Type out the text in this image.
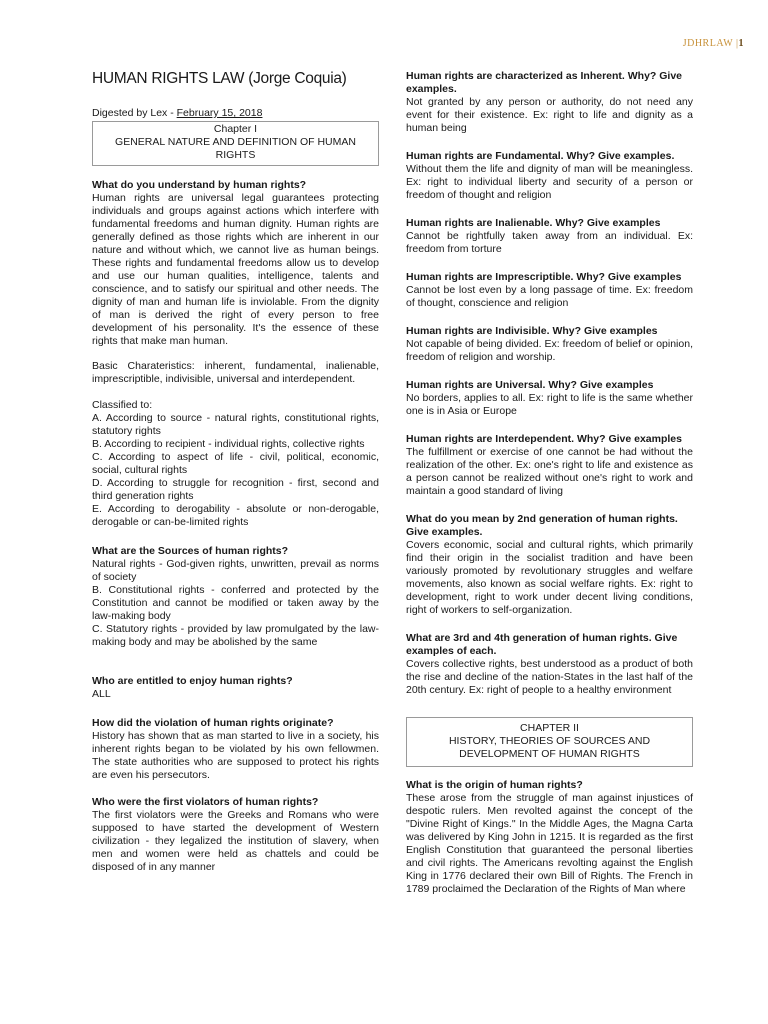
JDHRLAW |1
HUMAN RIGHTS LAW (Jorge Coquia)
Digested by Lex - February 15, 2018
Chapter I
GENERAL NATURE AND DEFINITION OF HUMAN RIGHTS
What do you understand by human rights?
Human rights are universal legal guarantees protecting individuals and groups against actions which interfere with fundamental freedoms and human dignity. Human rights are generally defined as those rights which are inherent in our nature and without which, we cannot live as human beings. These rights and fundamental freedoms allow us to develop and use our human qualities, intelligence, talents and conscience, and to satisfy our spiritual and other needs. The dignity of man and human life is inviolable. From the dignity of man is derived the right of every person to free development of his personality. It's the essence of these rights that make man human.
Basic Charateristics: inherent, fundamental, inalienable, imprescriptible, indivisible, universal and interdependent.
Classified to:
A. According to source - natural rights, constitutional rights, statutory rights
B. According to recipient - individual rights, collective rights
C. According to aspect of life - civil, political, economic, social, cultural rights
D. According to struggle for recognition - first, second and third generation rights
E. According to derogability - absolute or non-derogable, derogable or can-be-limited rights
What are the Sources of human rights?
Natural rights - God-given rights, unwritten, prevail as norms of society
B. Constitutional rights - conferred and protected by the Constitution and cannot be modified or taken away by the law-making body
C. Statutory rights - provided by law promulgated by the law-making body and may be abolished by the same
Who are entitled to enjoy human rights?
ALL
How did the violation of human rights originate?
History has shown that as man started to live in a society, his inherent rights began to be violated by his own fellowmen. The state authorities who are supposed to protect his rights are even his persecutors.
Who were the first violators of human rights?
The first violators were the Greeks and Romans who were supposed to have started the development of Western civilization - they legalized the institution of slavery, when men and women were held as chattels and could be disposed of in any manner
Human rights are characterized as Inherent. Why? Give examples.
Not granted by any person or authority, do not need any event for their existence. Ex: right to life and dignity as a human being
Human rights are Fundamental. Why? Give examples.
Without them the life and dignity of man will be meaningless. Ex: right to individual liberty and security of a person or freedom of thought and religion
Human rights are Inalienable. Why? Give examples
Cannot be rightfully taken away from an individual. Ex: freedom from torture
Human rights are Imprescriptible. Why? Give examples
Cannot be lost even by a long passage of time. Ex: freedom of thought, conscience and religion
Human rights are Indivisible. Why? Give examples
Not capable of being divided. Ex: freedom of belief or opinion, freedom of religion and worship.
Human rights are Universal. Why? Give examples
No borders, applies to all. Ex: right to life is the same whether one is in Asia or Europe
Human rights are Interdependent. Why? Give examples
The fulfillment or exercise of one cannot be had without the realization of the other. Ex: one's right to life and existence as a person cannot be realized without one's right to work and maintain a good standard of living
What do you mean by 2nd generation of human rights. Give examples.
Covers economic, social and cultural rights, which primarily find their origin in the socialist tradition and have been variously promoted by revolutionary struggles and welfare movements, also known as social welfare rights. Ex: right to development, right to work under decent living conditions, right of workers to self-organization.
What are 3rd and 4th generation of human rights. Give examples of each.
Covers collective rights, best understood as a product of both the rise and decline of the nation-States in the last half of the 20th century. Ex: right of people to a healthy environment
CHAPTER II
HISTORY, THEORIES OF SOURCES AND DEVELOPMENT OF HUMAN RIGHTS
What is the origin of human rights?
These arose from the struggle of man against injustices of despotic rulers. Men revolted against the concept of the "Divine Right of Kings." In the Middle Ages, the Magna Carta was delivered by King John in 1215. It is regarded as the first English Constitution that guaranteed the personal liberties and civil rights. The Americans revolting against the English King in 1776 declared their own Bill of Rights. The French in 1789 proclaimed the Declaration of the Rights of Man where
